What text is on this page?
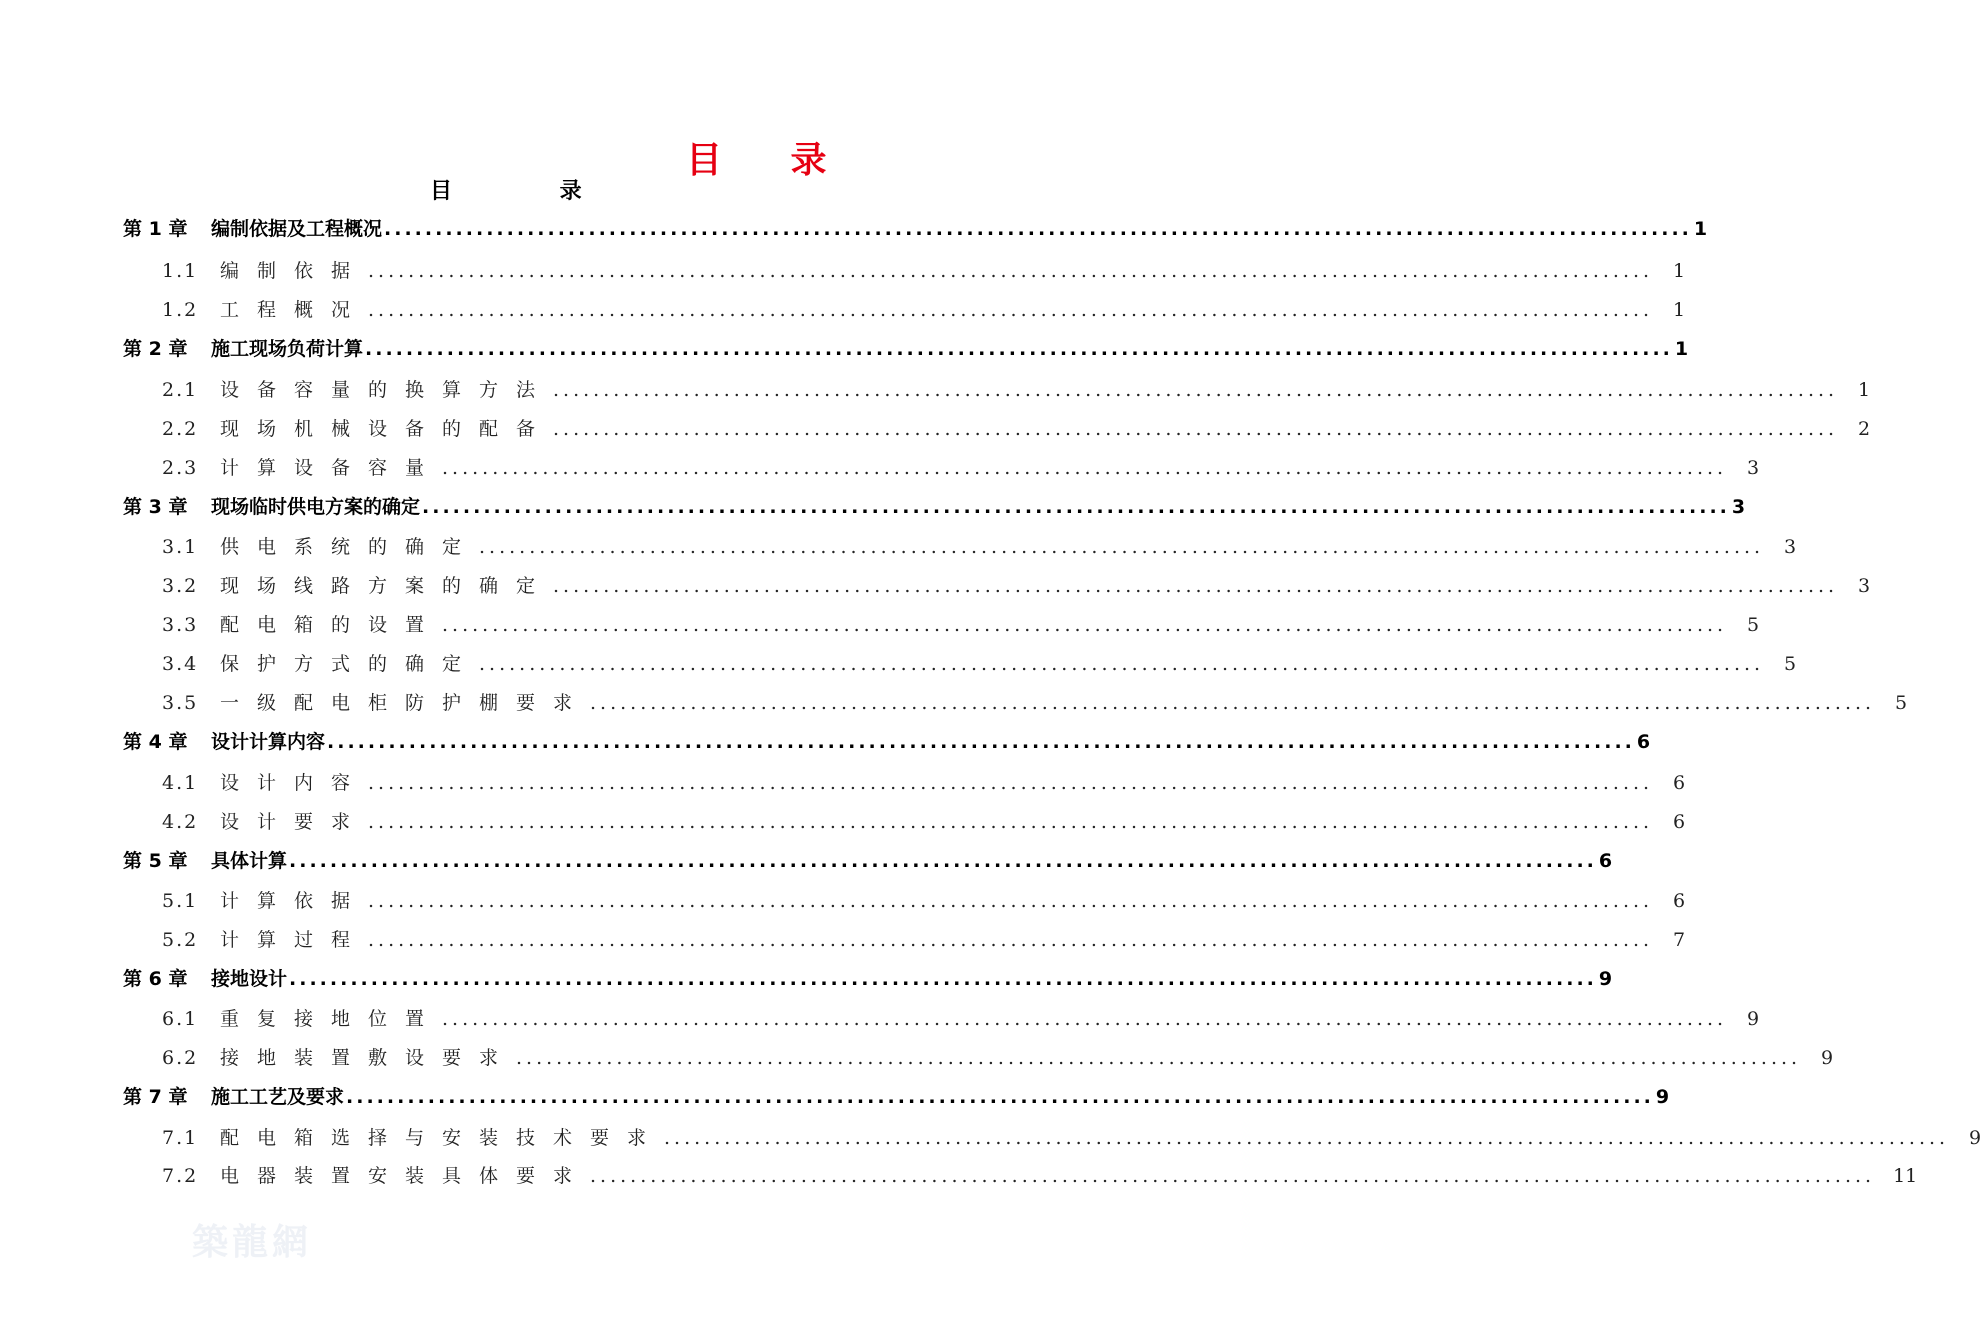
目 录
目 录
第 1 章	编制依据及工程概况 ................................................................................................................................ 1
1.1	编制依据 ................................................................................................................................ 1
1.2	工程概况 ................................................................................................................................ 1
第 2 章	施工现场负荷计算 ................................................................................................................................ 1
2.1	设备容量的换算方法 ................................................................................................................................ 1
2.2	现场机械设备的配备 ................................................................................................................................ 2
2.3	计算设备容量 ................................................................................................................................ 3
第 3 章	现场临时供电方案的确定 ................................................................................................................................ 3
3.1	供电系统的确定 ................................................................................................................................ 3
3.2	现场线路方案的确定 ................................................................................................................................ 3
3.3	配电箱的设置 ................................................................................................................................ 5
3.4	保护方式的确定 ................................................................................................................................ 5
3.5	一级配电柜防护棚要求 ................................................................................................................................ 5
第 4 章	设计计算内容 ................................................................................................................................ 6
4.1	设计内容 ................................................................................................................................ 6
4.2	设计要求 ................................................................................................................................ 6
第 5 章	具体计算 ................................................................................................................................ 6
5.1	计算依据 ................................................................................................................................ 6
5.2	计算过程 ................................................................................................................................ 7
第 6 章	接地设计 ................................................................................................................................ 9
6.1	重复接地位置 ................................................................................................................................ 9
6.2	接地装置敷设要求 ................................................................................................................................ 9
第 7 章	施工工艺及要求 ................................................................................................................................ 9
7.1	配电箱选择与安装技术要求 ................................................................................................................................ 9
7.2	电器装置安装具体要求 ................................................................................................................................ 11
築龍網
